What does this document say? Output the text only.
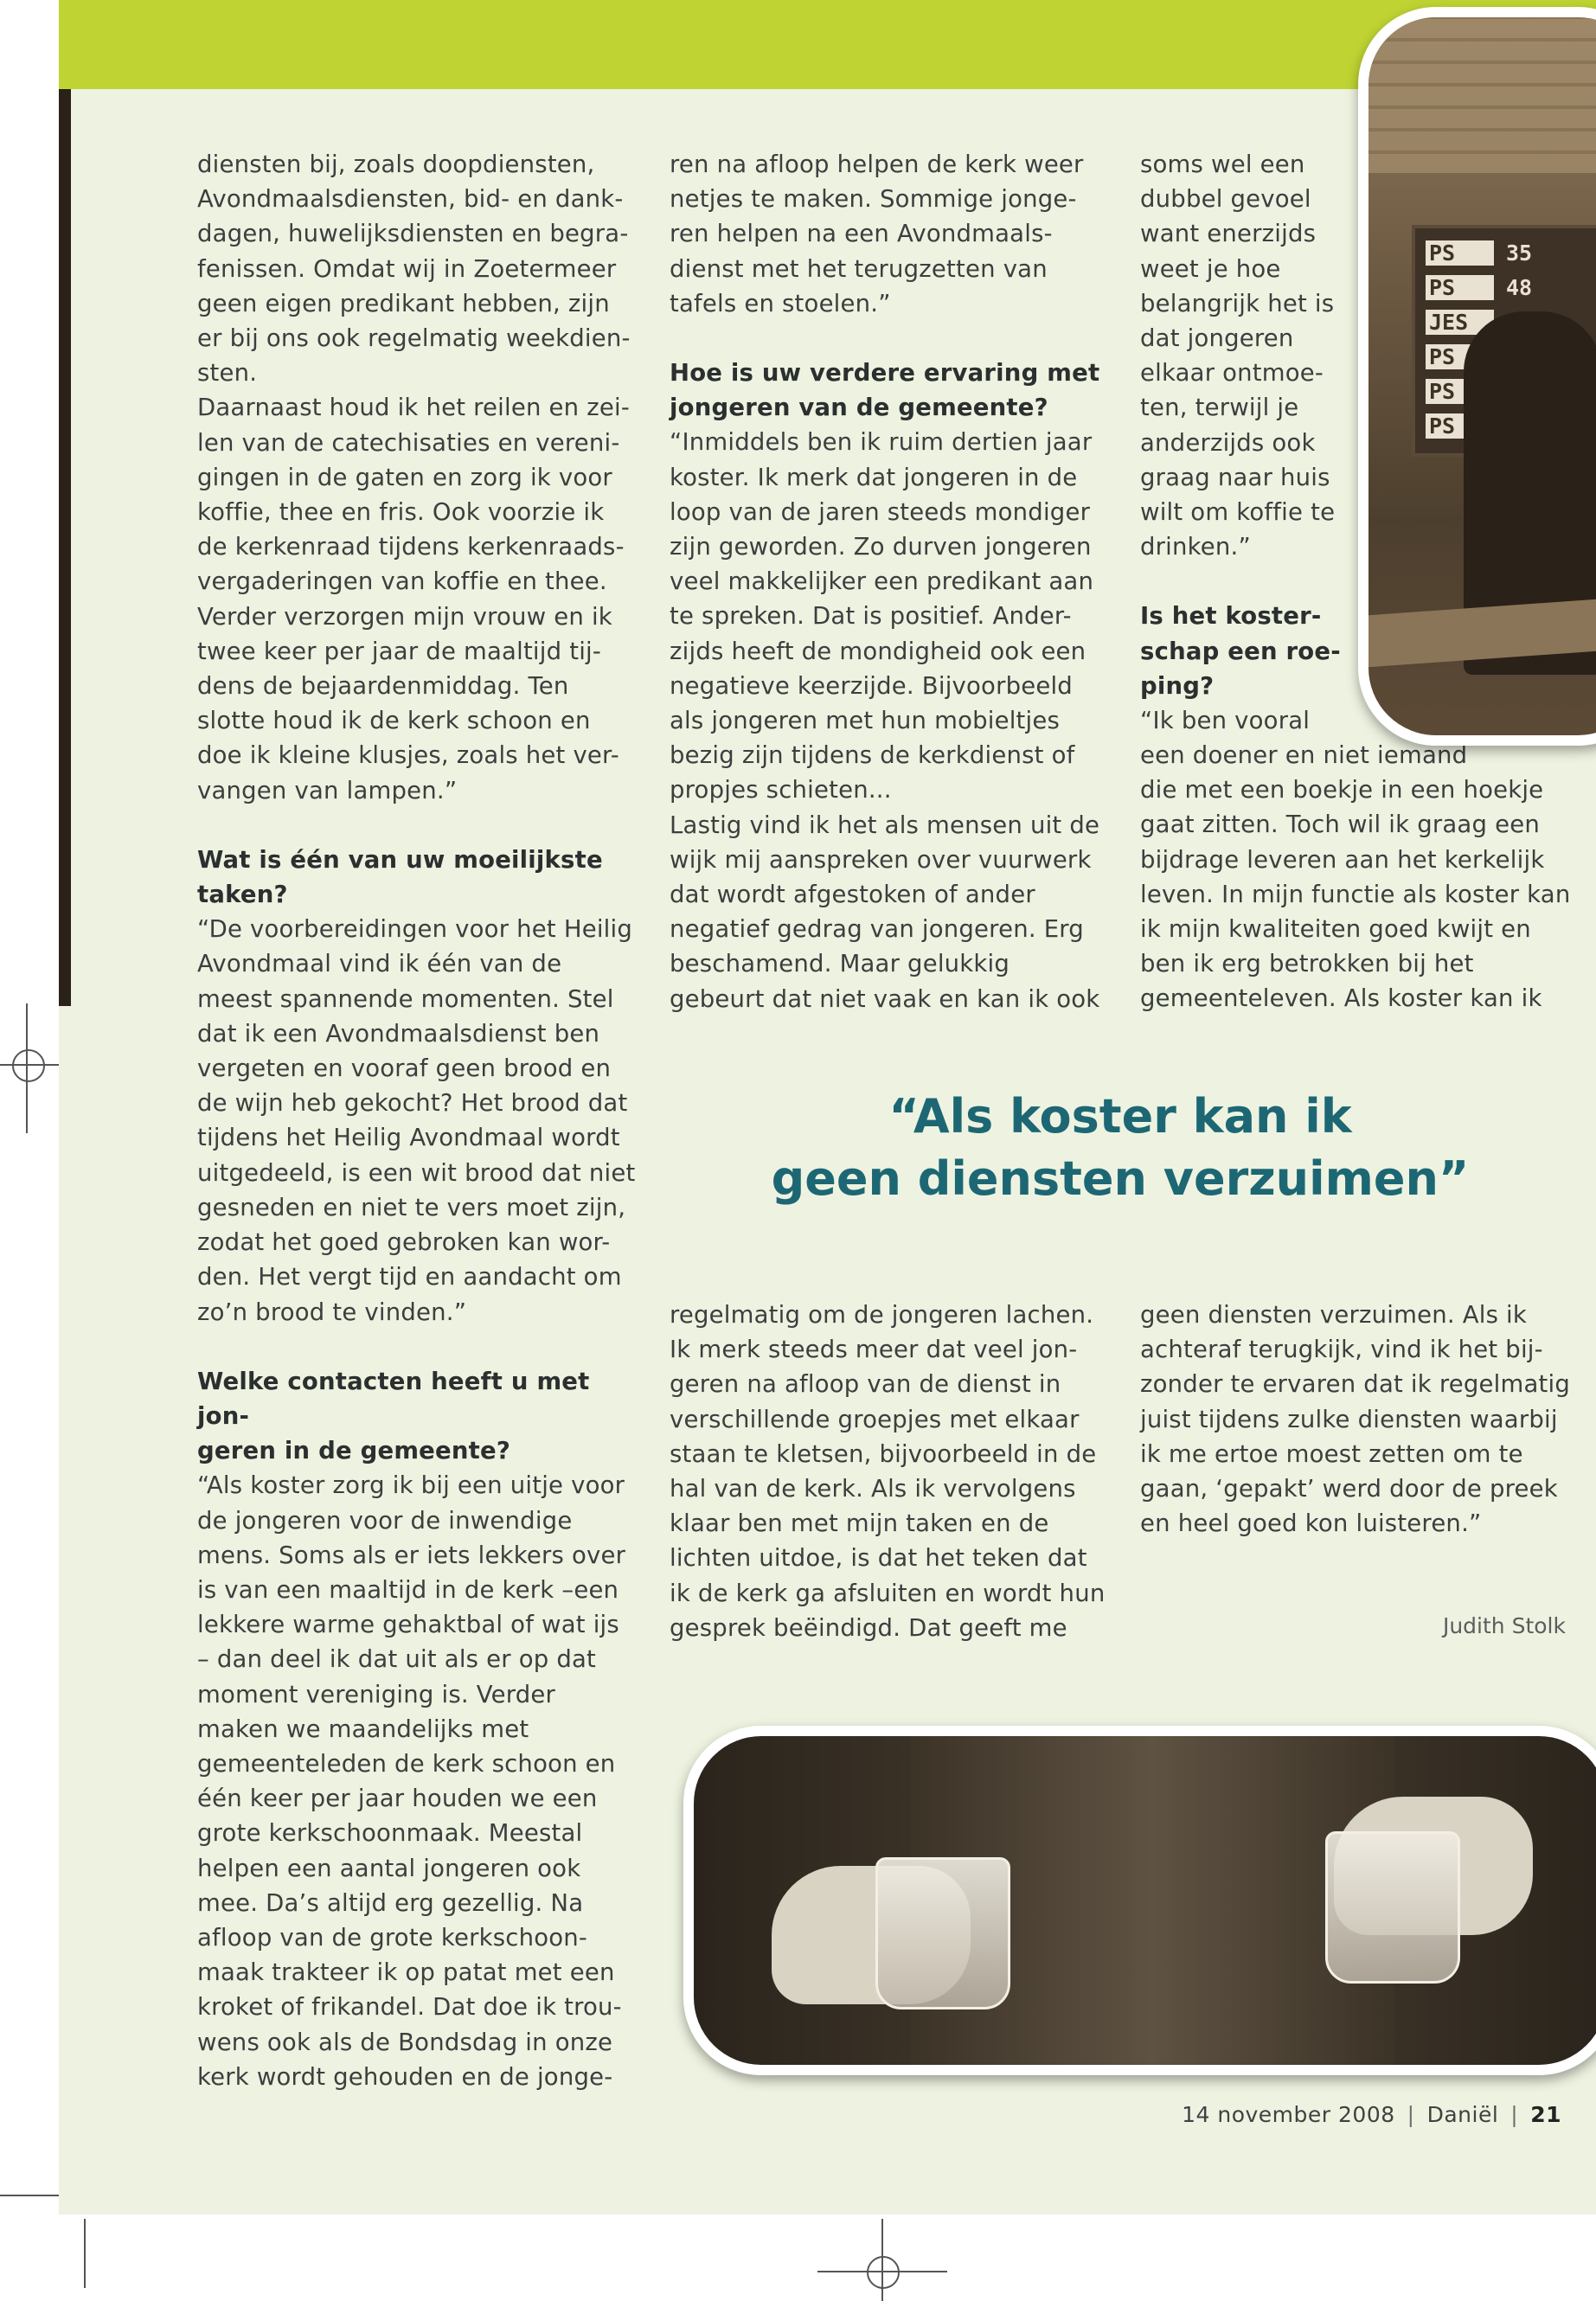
diensten bij, zoals doopdiensten,
Avondmaalsdiensten, bid- en dank-
dagen, huwelijksdiensten en begra-
fenissen. Omdat wij in Zoetermeer
geen eigen predikant hebben, zijn
er bij ons ook regelmatig weekdien-
sten.
Daarnaast houd ik het reilen en zei-
len van de catechisaties en vereni-
gingen in de gaten en zorg ik voor
koffie, thee en fris. Ook voorzie ik
de kerkenraad tijdens kerkenraads-
vergaderingen van koffie en thee.
Verder verzorgen mijn vrouw en ik
twee keer per jaar de maaltijd tij-
dens de bejaardenmiddag. Ten
slotte houd ik de kerk schoon en
doe ik kleine klusjes, zoals het ver-
vangen van lampen.”

Wat is één van uw moeilijkste
taken?

“De voorbereidingen voor het Heilig
Avondmaal vind ik één van de
meest spannende momenten. Stel
dat ik een Avondmaalsdienst ben
vergeten en vooraf geen brood en
de wijn heb gekocht? Het brood dat
tijdens het Heilig Avondmaal wordt
uitgedeeld, is een wit brood dat niet
gesneden en niet te vers moet zijn,
zodat het goed gebroken kan wor-
den. Het vergt tijd en aandacht om
zo’n brood te vinden.”

Welke contacten heeft u met jon-
geren in de gemeente?

“Als koster zorg ik bij een uitje voor
de jongeren voor de inwendige
mens. Soms als er iets lekkers over
is van een maaltijd in de kerk –een
lekkere warme gehaktbal of wat ijs
– dan deel ik dat uit als er op dat
moment vereniging is. Verder
maken we maandelijks met
gemeenteleden de kerk schoon en
één keer per jaar houden we een
grote kerkschoonmaak. Meestal
helpen een aantal jongeren ook
mee. Da’s altijd erg gezellig. Na
afloop van de grote kerkschoon-
maak trakteer ik op patat met een
kroket of frikandel. Dat doe ik trou-
wens ook als de Bondsdag in onze
kerk wordt gehouden en de jonge-

ren na afloop helpen de kerk weer
netjes te maken. Sommige jonge-
ren helpen na een Avondmaals-
dienst met het terugzetten van
tafels en stoelen.”

Hoe is uw verdere ervaring met
jongeren van de gemeente?

“Inmiddels ben ik ruim dertien jaar
koster. Ik merk dat jongeren in de
loop van de jaren steeds mondiger
zijn geworden. Zo durven jongeren
veel makkelijker een predikant aan
te spreken. Dat is positief. Ander-
zijds heeft de mondigheid ook een
negatieve keerzijde. Bijvoorbeeld
als jongeren met hun mobieltjes
bezig zijn tijdens de kerkdienst of
propjes schieten...
Lastig vind ik het als mensen uit de
wijk mij aanspreken over vuurwerk
dat wordt afgestoken of ander
negatief gedrag van jongeren. Erg
beschamend. Maar gelukkig
gebeurt dat niet vaak en kan ik ook

regelmatig om de jongeren lachen.
Ik merk steeds meer dat veel jon-
geren na afloop van de dienst in
verschillende groepjes met elkaar
staan te kletsen, bijvoorbeeld in de
hal van de kerk. Als ik vervolgens
klaar ben met mijn taken en de
lichten uitdoe, is dat het teken dat
ik de kerk ga afsluiten en wordt hun
gesprek beëindigd. Dat geeft me

soms wel een
dubbel gevoel
want enerzijds
weet je hoe
belangrijk het is
dat jongeren
elkaar ontmoe-
ten, terwijl je
anderzijds ook
graag naar huis
wilt om koffie te
drinken.”

Is het koster-
schap een roe-
ping?

“Ik ben vooral

een doener en niet iemand
die met een boekje in een hoekje
gaat zitten. Toch wil ik graag een
bijdrage leveren aan het kerkelijk
leven. In mijn functie als koster kan
ik mijn kwaliteiten goed kwijt en
ben ik erg betrokken bij het
gemeenteleven. Als koster kan ik

geen diensten verzuimen. Als ik
achteraf terugkijk, vind ik het bij-
zonder te ervaren dat ik regelmatig
juist tijdens zulke diensten waarbij
ik me ertoe moest zetten om te
gaan, ‘gepakt’ werd door de preek
en heel goed kon luisteren.”

“Als koster kan ik
geen diensten verzuimen”
Judith Stolk
PS 35
PS 48
JES
PS
PS
PS
14 november 2008 | Daniël | 21
